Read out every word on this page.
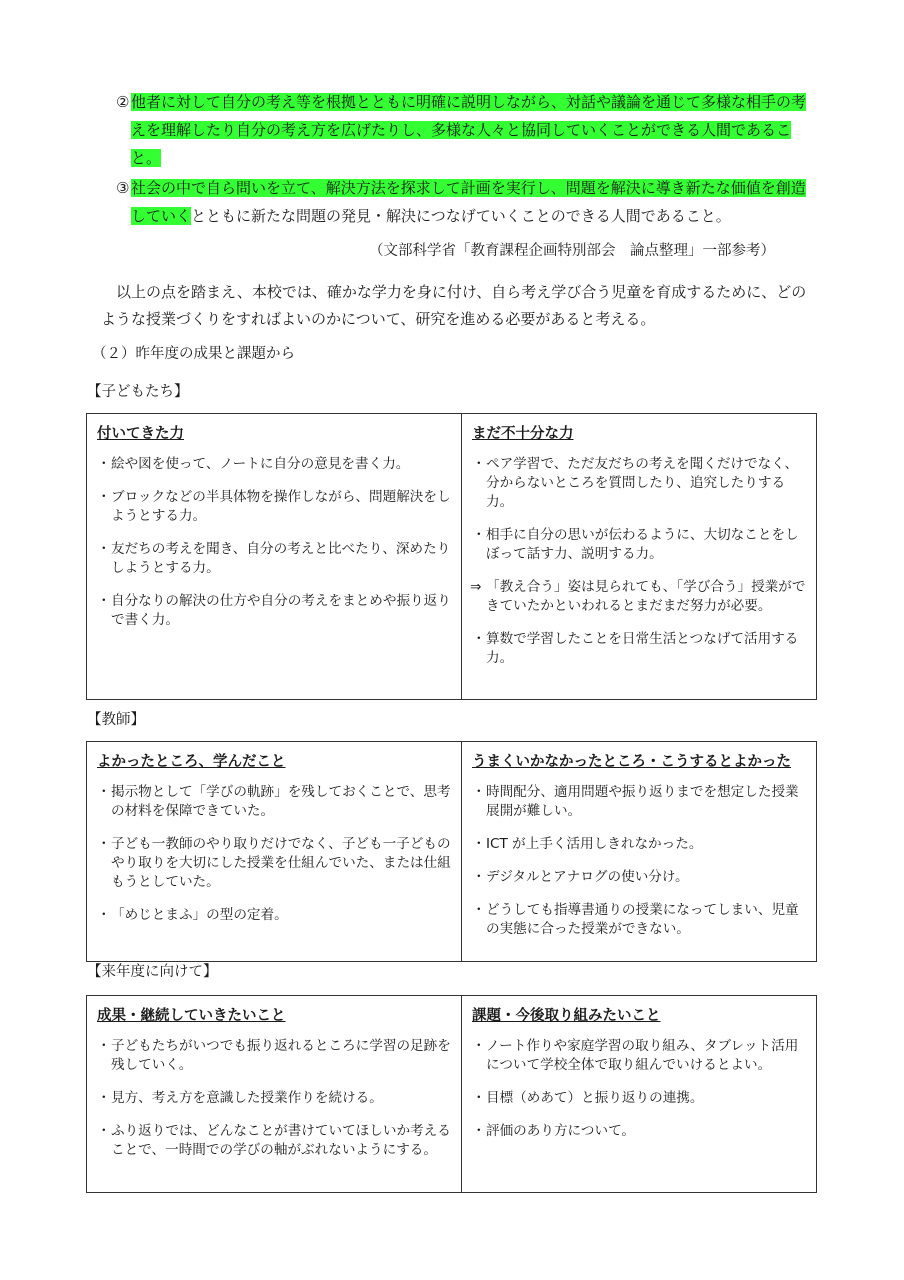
② 他者に対して自分の考え等を根拠とともに明確に説明しながら、対話や議論を通じて多様な相手の考えを理解したり自分の考え方を広げたりし、多様な人々と協同していくことができる人間であること。
③ 社会の中で自ら問いを立て、解決方法を探求して計画を実行し、問題を解決に導き新たな価値を創造していくとともに新たな問題の発見・解決につなげていくことのできる人間であること。
（文部科学省「教育課程企画特別部会　論点整理」一部参考）
以上の点を踏まえ、本校では、確かな学力を身に付け、自ら考え学び合う児童を育成するために、どのような授業づくりをすればよいのかについて、研究を進める必要があると考える。
（２）昨年度の成果と課題から
【子どもたち】
付いてきた力
・ 絵や図を使って、ノートに自分の意見を書く力。
・ ブロックなどの半具体物を操作しながら、問題解決をしようとする力。
・ 友だちの考えを聞き、自分の考えと比べたり、深めたりしようとする力。
・ 自分なりの解決の仕方や自分の考えをまとめや振り返りで書く力。

まだ不十分な力
・ ペア学習で、ただ友だちの考えを聞くだけでなく、分からないところを質問したり、追究したりする力。
・ 相手に自分の思いが伝わるように、大切なことをしぼって話す力、説明する力。
⇒ 「教え合う」姿は見られても、「学び合う」授業ができていたかといわれるとまだまだ努力が必要。
・ 算数で学習したことを日常生活とつなげて活用する力。
【教師】
よかったところ、学んだこと
・ 掲示物として「学びの軌跡」を残しておくことで、思考の材料を保障できていた。
・ 子ども一教師のやり取りだけでなく、子ども一子どものやり取りを大切にした授業を仕組んでいた、または仕組もうとしていた。
・ 「めじとまふ」の型の定着。

うまくいかなかったところ・こうするとよかった
・ 時間配分、適用問題や振り返りまでを想定した授業展開が難しい。
・ ICT が上手く活用しきれなかった。
・ デジタルとアナログの使い分け。
・ どうしても指導書通りの授業になってしまい、児童の実態に合った授業ができない。
【来年度に向けて】
成果・継続していきたいこと
・ 子どもたちがいつでも振り返れるところに学習の足跡を残していく。
・ 見方、考え方を意識した授業作りを続ける。
・ ふり返りでは、どんなことが書けていてほしいか考えることで、一時間での学びの軸がぶれないようにする。

課題・今後取り組みたいこと
・ ノート作りや家庭学習の取り組み、タブレット活用について学校全体で取り組んでいけるとよい。
・ 目標（めあて）と振り返りの連携。
・ 評価のあり方について。
